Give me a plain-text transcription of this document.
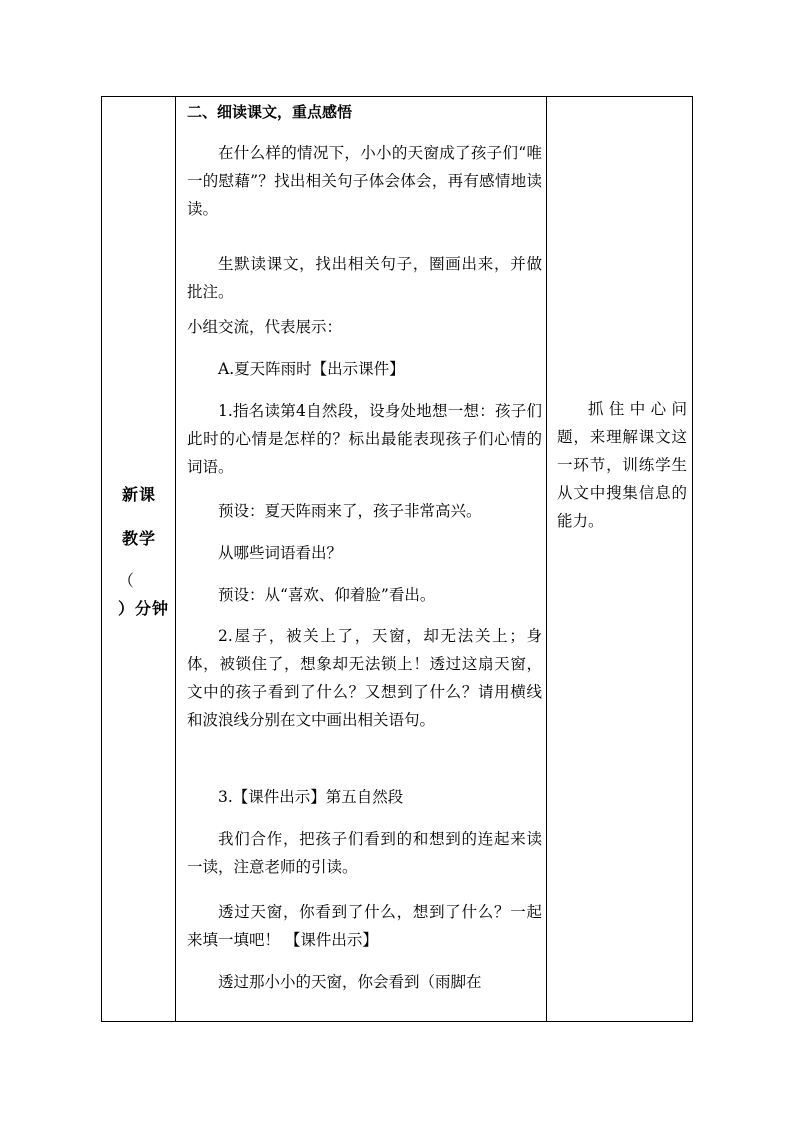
新课
教学
（
）分钟
二、细读课文，重点感悟

在什么样的情况下，小小的天窗成了孩子们“唯一的慰藉”？找出相关句子体会体会，再有感情地读读。

生默读课文，找出相关句子，圈画出来，并做批注。

小组交流，代表展示：

A.夏天阵雨时【出示课件】

1.指名读第4自然段，设身处地想一想：孩子们此时的心情是怎样的？标出最能表现孩子们心情的词语。

预设：夏天阵雨来了，孩子非常高兴。

从哪些词语看出？

预设：从“喜欢、仰着脸”看出。

2.屋子，被关上了，天窗，却无法关上；身体，被锁住了，想象却无法锁上！透过这扇天窗，文中的孩子看到了什么？又想到了什么？请用横线和波浪线分别在文中画出相关语句。

3.【课件出示】第五自然段

我们合作，把孩子们看到的和想到的连起来读一读，注意老师的引读。

透过天窗，你看到了什么，想到了什么？一起来填一填吧！ 【课件出示】

透过那小小的天窗，你会看到（雨脚在

抓住中心问题，来理解课文这一环节，训练学生从文中搜集信息的能力。
